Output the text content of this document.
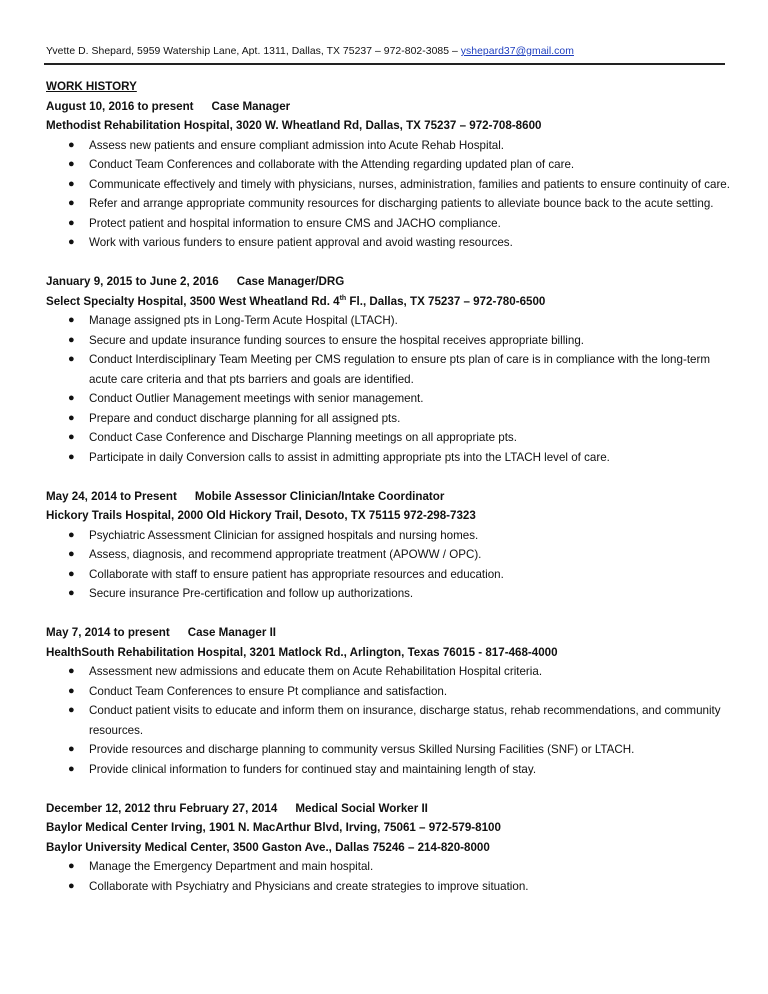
Yvette D. Shepard, 5959 Watership Lane, Apt. 1311, Dallas, TX 75237 – 972-802-3085 – yshepard37@gmail.com
WORK HISTORY
August 10, 2016 to present Case Manager
Methodist Rehabilitation Hospital, 3020 W. Wheatland Rd, Dallas, TX 75237 – 972-708-8600
● Assess new patients and ensure compliant admission into Acute Rehab Hospital.
● Conduct Team Conferences and collaborate with the Attending regarding updated plan of care.
● Communicate effectively and timely with physicians, nurses, administration, families and patients to ensure continuity of care.
● Refer and arrange appropriate community resources for discharging patients to alleviate bounce back to the acute setting.
● Protect patient and hospital information to ensure CMS and JACHO compliance.
● Work with various funders to ensure patient approval and avoid wasting resources.
January 9, 2015 to June 2, 2016 Case Manager/DRG
Select Specialty Hospital, 3500 West Wheatland Rd. 4th Fl., Dallas, TX 75237 – 972-780-6500
● Manage assigned pts in Long-Term Acute Hospital (LTACH).
● Secure and update insurance funding sources to ensure the hospital receives appropriate billing.
● Conduct Interdisciplinary Team Meeting per CMS regulation to ensure pts plan of care is in compliance with the long-term acute care criteria and that pts barriers and goals are identified.
● Conduct Outlier Management meetings with senior management.
● Prepare and conduct discharge planning for all assigned pts.
● Conduct Case Conference and Discharge Planning meetings on all appropriate pts.
● Participate in daily Conversion calls to assist in admitting appropriate pts into the LTACH level of care.
May 24, 2014 to Present Mobile Assessor Clinician/Intake Coordinator
Hickory Trails Hospital, 2000 Old Hickory Trail, Desoto, TX 75115 972-298-7323
● Psychiatric Assessment Clinician for assigned hospitals and nursing homes.
● Assess, diagnosis, and recommend appropriate treatment (APOWW / OPC).
● Collaborate with staff to ensure patient has appropriate resources and education.
● Secure insurance Pre-certification and follow up authorizations.
May 7, 2014 to present Case Manager II
HealthSouth Rehabilitation Hospital, 3201 Matlock Rd., Arlington, Texas 76015 - 817-468-4000
● Assessment new admissions and educate them on Acute Rehabilitation Hospital criteria.
● Conduct Team Conferences to ensure Pt compliance and satisfaction.
● Conduct patient visits to educate and inform them on insurance, discharge status, rehab recommendations, and community resources.
● Provide resources and discharge planning to community versus Skilled Nursing Facilities (SNF) or LTACH.
● Provide clinical information to funders for continued stay and maintaining length of stay.
December 12, 2012 thru February 27, 2014 Medical Social Worker II
Baylor Medical Center Irving, 1901 N. MacArthur Blvd, Irving, 75061 – 972-579-8100
Baylor University Medical Center, 3500 Gaston Ave., Dallas 75246 – 214-820-8000
● Manage the Emergency Department and main hospital.
● Collaborate with Psychiatry and Physicians and create strategies to improve situation.
